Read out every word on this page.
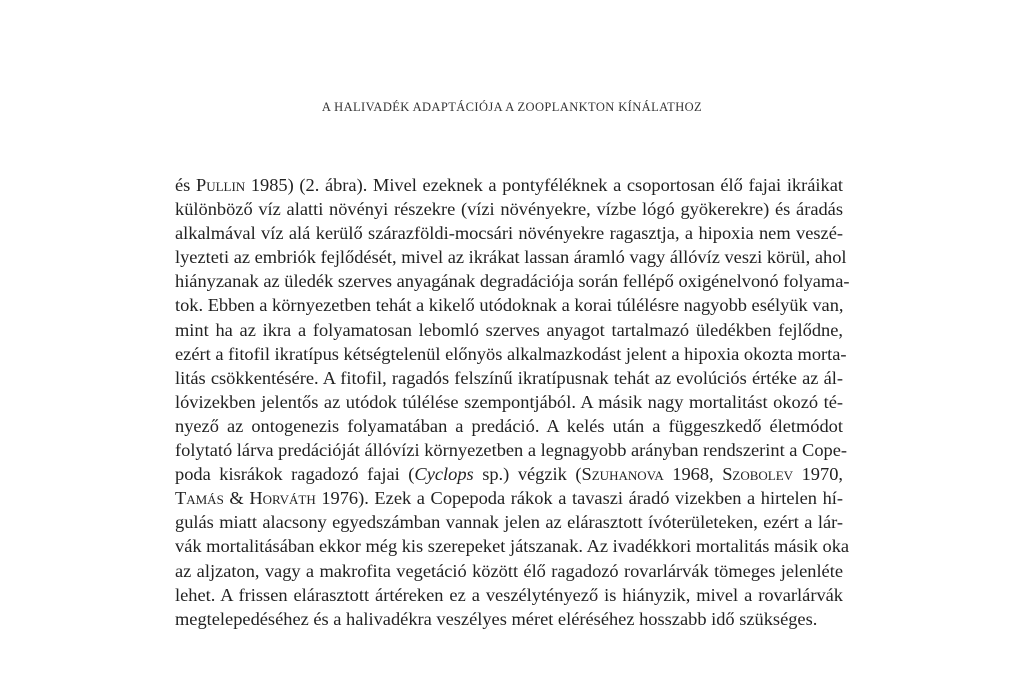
A HALIVADÉK ADAPTÁCIÓJA A ZOOPLANKTON KÍNÁLATHOZ
és Pullin 1985) (2. ábra). Mivel ezeknek a pontyféléknek a csoportosan élő fajai ikráikat
különböző víz alatti növényi részekre (vízi növényekre, vízbe lógó gyökerekre) és áradás
alkalmával víz alá kerülő szárazföldi-mocsári növényekre ragasztja, a hipoxia nem veszé-
lyezteti az embriók fejlődését, mivel az ikrákat lassan áramló vagy állóvíz veszi körül, ahol
hiányzanak az üledék szerves anyagának degradációja során fellépő oxigénelvonó folyama-
tok. Ebben a környezetben tehát a kikelő utódoknak a korai túlélésre nagyobb esélyük van,
mint ha az ikra a folyamatosan lebomló szerves anyagot tartalmazó üledékben fejlődne,
ezért a fitofil ikratípus kétségtelenül előnyös alkalmazkodást jelent a hipoxia okozta morta-
litás csökkentésére. A fitofil, ragadós felszínű ikratípusnak tehát az evolúciós értéke az ál-
lóvizekben jelentős az utódok túlélése szempontjából. A másik nagy mortalitást okozó té-
nyező az ontogenezis folyamatában a predáció. A kelés után a függeszkedő életmódot
folytató lárva predációját állóvízi környezetben a legnagyobb arányban rendszerint a Cope-
poda kisrákok ragadozó fajai (Cyclops sp.) végzik (Szuhanova 1968, Szobolev 1970,
Tamás & Horváth 1976). Ezek a Copepoda rákok a tavaszi áradó vizekben a hirtelen hí-
gulás miatt alacsony egyedszámban vannak jelen az elárasztott ívóterületeken, ezért a lár-
vák mortalitásában ekkor még kis szerepeket játszanak. Az ivadékkori mortalitás másik oka
az aljzaton, vagy a makrofita vegetáció között élő ragadozó rovarlárvák tömeges jelenléte
lehet. A frissen elárasztott ártéreken ez a veszélytényező is hiányzik, mivel a rovarlárvák
megtelepedéséhez és a halivadékra veszélyes méret eléréséhez hosszabb idő szükséges.
